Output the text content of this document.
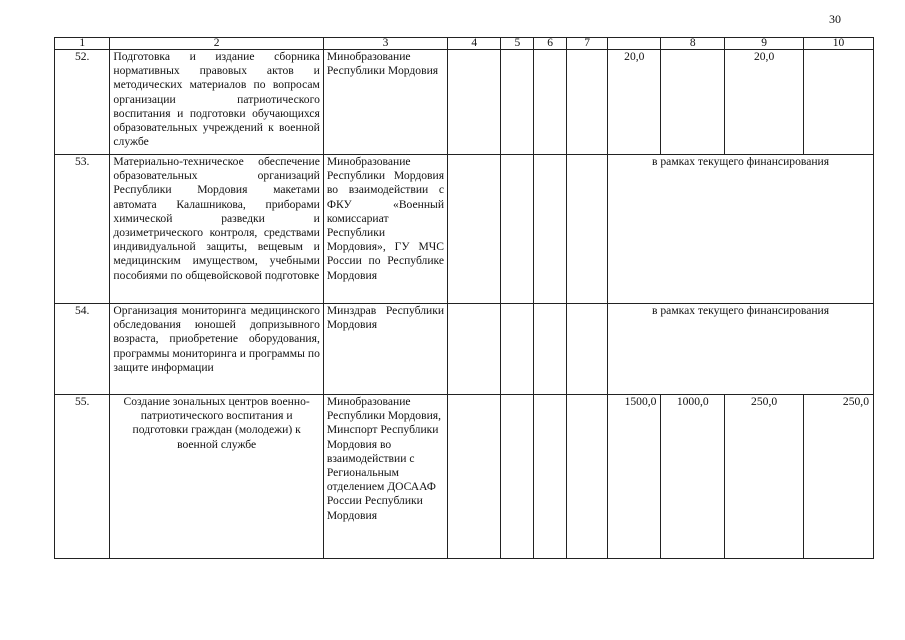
30
1	2	3	4	5	6	7		8	9	10
52.	Подготовка и издание сборника нормативных правовых актов и методических материалов по вопросам организации патриотического воспитания и подготовки обучающихся образовательных учреждений к военной службе	Минобразование Республики Мордовия					20,0		20,0	
53.	Материально-техническое обеспечение образовательных организаций Республики Мордовия макетами автомата Калашникова, приборами химической разведки и дозиметрического контроля, средствами индивидуальной защиты, вещевым и медицинским имуществом, учебными пособиями по общевойсковой подготовке	Минобразование Республики Мордовия во взаимодействии с ФКУ «Военный комиссариат Республики Мордовия», ГУ МЧС России по Республике Мордовия					в рамках текущего финансирования			
54.	Организация мониторинга медицинского обследования юношей допризывного возраста, приобретение оборудования, программы мониторинга и программы по защите информации	Минздрав Республики Мордовия					в рамках текущего финансирования			
55.	Создание зональных центров военно-патриотического воспитания и подготовки граждан (молодежи) к военной службе	Минобразование Республики Мордовия, Минспорт Республики Мордовия во взаимодействии с Региональным отделением ДОСААФ России Республики Мордовия					1500,0	1000,0	250,0	250,0
